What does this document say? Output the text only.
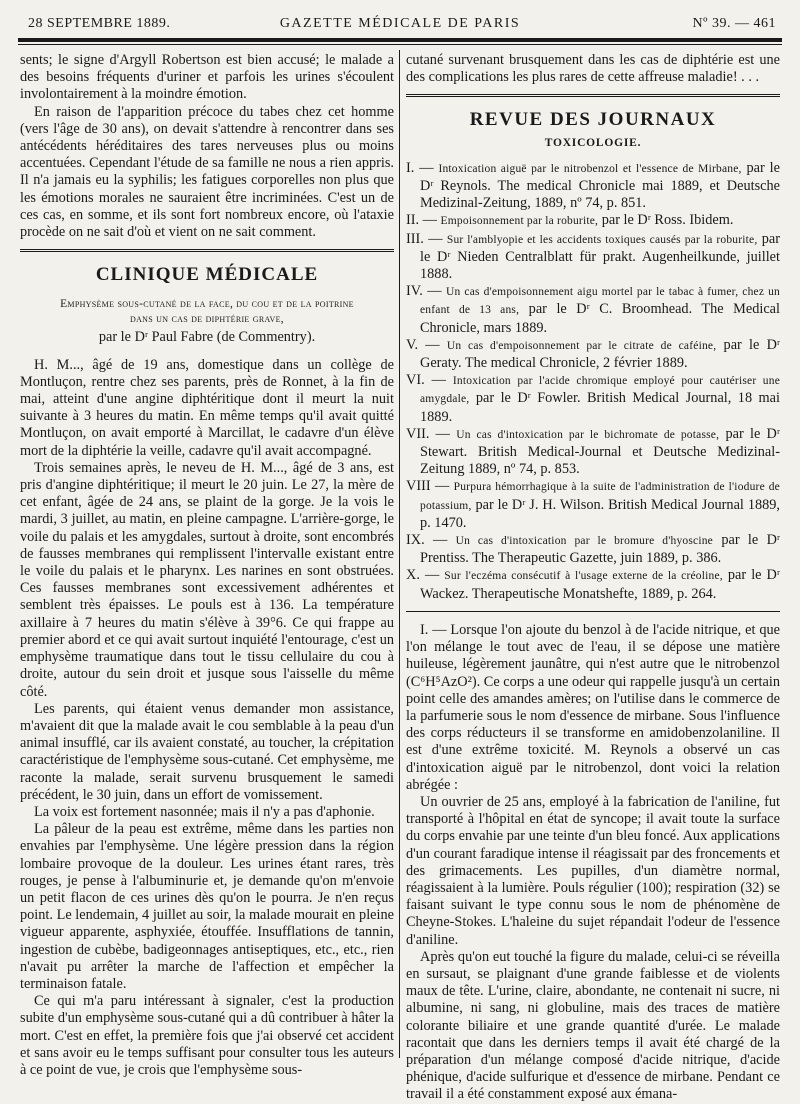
28 SEPTEMBRE 1889.	GAZETTE MÉDICALE DE PARIS	Nº 39. — 461

sents; le signe d'Argyll Robertson est bien accusé; le malade a des besoins fréquents d'uriner et parfois les urines s'écoulent involontairement à la moindre émotion.

En raison de l'apparition précoce du tabes chez cet homme (vers l'âge de 30 ans), on devait s'attendre à rencontrer dans ses antécédents héréditaires des tares nerveuses plus ou moins accentuées. Cependant l'étude de sa famille ne nous a rien appris. Il n'a jamais eu la syphilis; les fatigues corporelles non plus que les émotions morales ne sauraient être incriminées. C'est un de ces cas, en somme, et ils sont fort nombreux encore, où l'ataxie procède on ne sait d'où et vient on ne sait comment.

CLINIQUE MÉDICALE
Emphysème sous-cutané de la face, du cou et de la poitrine
dans un cas de diphtérie grave,
par le Dʳ Paul Fabre (de Commentry).

H. M..., âgé de 19 ans, domestique dans un collège de Montluçon, rentre chez ses parents, près de Ronnet, à la fin de mai, atteint d'une angine diphtéritique dont il meurt la nuit suivante à 3 heures du matin. En même temps qu'il avait quitté Montluçon, on avait emporté à Marcillat, le cadavre d'un élève mort de la diphtérie la veille, cadavre qu'il avait accompagné.

Trois semaines après, le neveu de H. M..., âgé de 3 ans, est pris d'angine diphtéritique; il meurt le 20 juin. Le 27, la mère de cet enfant, âgée de 24 ans, se plaint de la gorge. Je la vois le mardi, 3 juillet, au matin, en pleine campagne. L'arrière-gorge, le voile du palais et les amygdales, surtout à droite, sont encombrés de fausses membranes qui remplissent l'intervalle existant entre le voile du palais et le pharynx. Les narines en sont obstruées. Ces fausses membranes sont excessivement adhérentes et semblent très épaisses. Le pouls est à 136. La température axillaire à 7 heures du matin s'élève à 39°6. Ce qui frappe au premier abord et ce qui avait surtout inquiété l'entourage, c'est un emphysème traumatique dans tout le tissu cellulaire du cou à droite, autour du sein droit et jusque sous l'aisselle du même côté.

Les parents, qui étaient venus demander mon assistance, m'avaient dit que la malade avait le cou semblable à la peau d'un animal insufflé, car ils avaient constaté, au toucher, la crépitation caractéristique de l'emphysème sous-cutané. Cet emphysème, me raconte la malade, serait survenu brusquement le samedi précédent, le 30 juin, dans un effort de vomissement.

La voix est fortement nasonnée; mais il n'y a pas d'aphonie.

La pâleur de la peau est extrême, même dans les parties non envahies par l'emphysème. Une légère pression dans la région lombaire provoque de la douleur. Les urines étant rares, très rouges, je pense à l'albuminurie et, je demande qu'on m'envoie un petit flacon de ces urines dès qu'on le pourra. Je n'en reçus point. Le lendemain, 4 juillet au soir, la malade mourait en pleine vigueur apparente, asphyxiée, étouffée. Insufflations de tannin, ingestion de cubèbe, badigeonnages antiseptiques, etc., etc., rien n'avait pu arrêter la marche de l'affection et empêcher la terminaison fatale.

Ce qui m'a paru intéressant à signaler, c'est la production subite d'un emphysème sous-cutané qui a dû contribuer à hâter la mort. C'est en effet, la première fois que j'ai observé cet accident et sans avoir eu le temps suffisant pour consulter tous les auteurs à ce point de vue, je crois que l'emphysème sous-

cutané survenant brusquement dans les cas de diphtérie est une des complications les plus rares de cette affreuse maladie! . . .

REVUE DES JOURNAUX
TOXICOLOGIE.

I. — Intoxication aiguë par le nitrobenzol et l'essence de Mirbane, par le Dʳ Reynols. The medical Chronicle mai 1889, et Deutsche Medizinal-Zeitung, 1889, nº 74, p. 851.

II. — Empoisonnement par la roburite, par le Dʳ Ross. Ibidem.

III. — Sur l'amblyopie et les accidents toxiques causés par la roburite, par le Dʳ Nieden Centralblatt für prakt. Augenheilkunde, juillet 1888.

IV. — Un cas d'empoisonnement aigu mortel par le tabac à fumer, chez un enfant de 13 ans, par le Dʳ C. Broomhead. The Medical Chronicle, mars 1889.

V. — Un cas d'empoisonnement par le citrate de caféine, par le Dʳ Geraty. The medical Chronicle, 2 février 1889.

VI. — Intoxication par l'acide chromique employé pour cautériser une amygdale, par le Dʳ Fowler. British Medical Journal, 18 mai 1889.

VII. — Un cas d'intoxication par le bichromate de potasse, par le Dʳ Stewart. British Medical-Journal et Deutsche Medizinal-Zeitung 1889, nº 74, p. 853.

VIII — Purpura hémorrhagique à la suite de l'administration de l'iodure de potassium, par le Dʳ J. H. Wilson. British Medical Journal 1889, p. 1470.

IX. — Un cas d'intoxication par le bromure d'hyoscine par le Dʳ Prentiss. The Therapeutic Gazette, juin 1889, p. 386.

X. — Sur l'eczéma consécutif à l'usage externe de la créoline, par le Dʳ Wackez. Therapeutische Monatshefte, 1889, p. 264.

I. — Lorsque l'on ajoute du benzol à de l'acide nitrique, et que l'on mélange le tout avec de l'eau, il se dépose une matière huileuse, légèrement jaunâtre, qui n'est autre que le nitrobenzol (C⁶H⁵AzO²). Ce corps a une odeur qui rappelle jusqu'à un certain point celle des amandes amères; on l'utilise dans le commerce de la parfumerie sous le nom d'essence de mirbane. Sous l'influence des corps réducteurs il se transforme en amidobenzolaniline. Il est d'une extrême toxicité. M. Reynols a observé un cas d'intoxication aiguë par le nitrobenzol, dont voici la relation abrégée :

Un ouvrier de 25 ans, employé à la fabrication de l'aniline, fut transporté à l'hôpital en état de syncope; il avait toute la surface du corps envahie par une teinte d'un bleu foncé. Aux applications d'un courant faradique intense il réagissait par des froncements et des grimacements. Les pupilles, d'un diamètre normal, réagissaient à la lumière. Pouls régulier (100); respiration (32) se faisant suivant le type connu sous le nom de phénomène de Cheyne-Stokes. L'haleine du sujet répandait l'odeur de l'essence d'aniline.

Après qu'on eut touché la figure du malade, celui-ci se réveilla en sursaut, se plaignant d'une grande faiblesse et de violents maux de tête. L'urine, claire, abondante, ne contenait ni sucre, ni albumine, ni sang, ni globuline, mais des traces de matière colorante biliaire et une grande quantité d'urée. Le malade racontait que dans les derniers temps il avait été chargé de la préparation d'un mélange composé d'acide nitrique, d'acide phénique, d'acide sulfurique et d'essence de mirbane. Pendant ce travail il a été constamment exposé aux émana-
